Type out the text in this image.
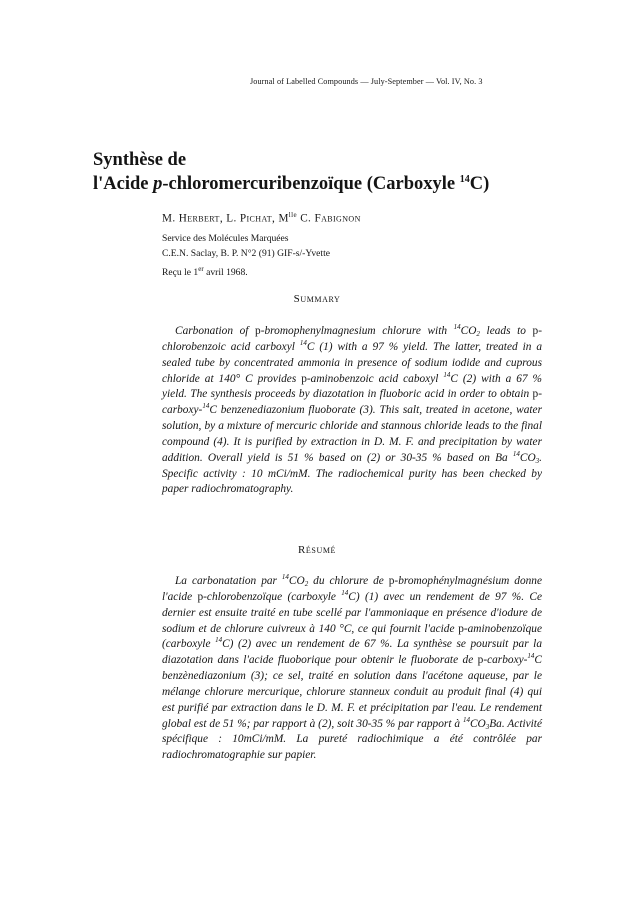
Journal of Labelled Compounds — July-September — Vol. IV, No. 3
Synthèse de
l'Acide p-chloromercuribenzoïque (Carboxyle $^{14}$C)
M. Herbert, L. Pichat, $M^{lle}$ C. Fabignon
Service des Molécules Marquées
C.E.N. Saclay, B. P. N°2 (91) GIF-s/-Yvette
Reçu le 1er avril 1968.
Summary

Carbonation of p-bromophenylmagnesium chlorure with $^{14}CO_2$ leads to p-chlorobenzoic acid carboxyl $^{14}$C (1) with a 97 % yield. The latter, treated in a sealed tube by concentrated ammonia in presence of sodium iodide and cuprous chloride at 140° C provides p-aminobenzoic acid caboxyl $^{14}$C (2) with a 67 % yield. The synthesis proceeds by diazotation in fluoboric acid in order to obtain p-carboxy-$^{14}$C benzenediazonium fluoborate (3). This salt, treated in acetone, water solution, by a mixture of mercuric chloride and stannous chloride leads to the final compound (4). It is purified by extraction in D. M. F. and precipitation by water addition. Overall yield is 51 % based on (2) or 30-35 % based on Ba $^{14}CO_3$. Specific activity : 10 mCi/mM. The radiochemical purity has been checked by paper radiochromatography.

Résumé

La carbonatation par $^{14}CO_2$ du chlorure de p-bromophénylmagnésium donne l'acide p-chlorobenzoïque (carboxyle $^{14}$C) (1) avec un rendement de 97 %. Ce dernier est ensuite traité en tube scellé par l'ammoniaque en présence d'iodure de sodium et de chlorure cuivreux à 140 °C, ce qui fournit l'acide p-aminobenzoïque (carboxyle $^{14}$C) (2) avec un rendement de 67 %. La synthèse se poursuit par la diazotation dans l'acide fluoborique pour obtenir le fluoborate de p-carboxy-$^{14}$C benzènediazonium (3); ce sel, traité en solution dans l'acétone aqueuse, par le mélange chlorure mercurique, chlorure stanneux conduit au produit final (4) qui est purifié par extraction dans le D. M. F. et précipitation par l'eau. Le rendement global est de 51 %; par rapport à (2), soit 30-35 % par rapport à $^{14}CO_3Ba$. Activité spécifique : 10mCi/mM. La pureté radiochimique a été contrôlée par radiochromatographie sur papier.
